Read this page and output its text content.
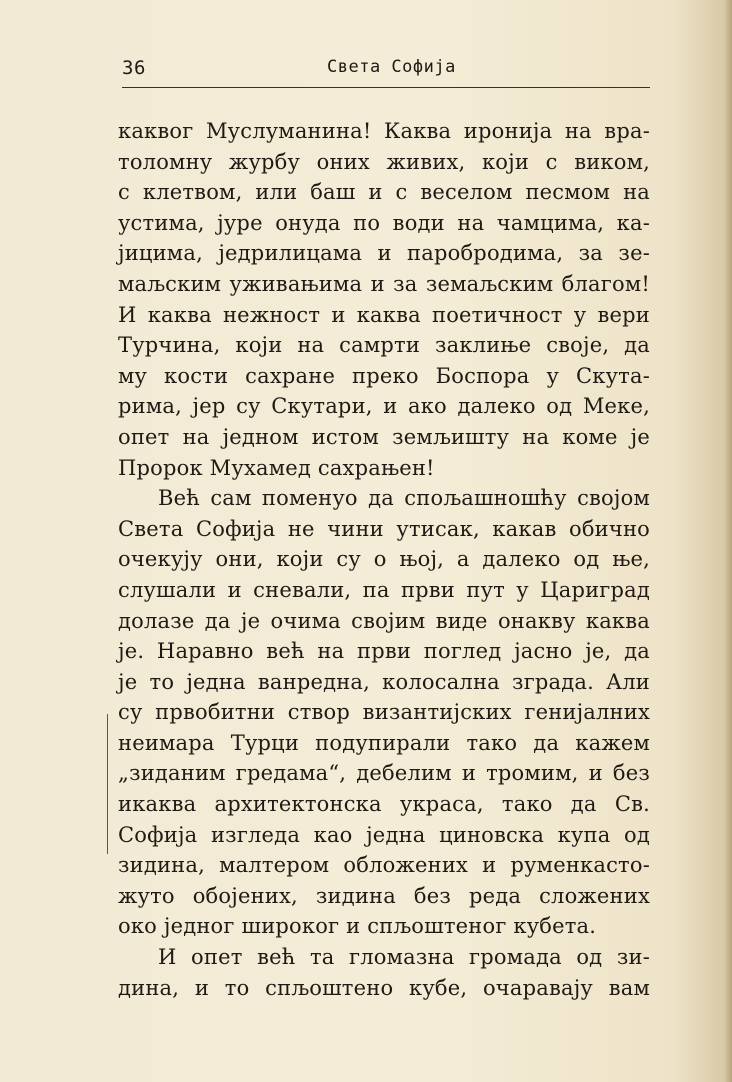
36	Света Софија
каквог Муслуманина! Каква иронија на вра-
толомну журбу оних живих, који с виком,
с клетвом, или баш и с веселом песмом на
устима, јуре онуда по води на чамцима, ка-
јицима, једрилицама и паробродима, за зе-
маљским уживањима и за земаљским благом!
И каква нежност и каква поетичност у вери
Турчина, који на самрти заклиње своје, да
му кости сахране преко Боспора у Скута-
рима, јер су Скутари, и ако далеко од Меке,
опет на једном истом земљишту на коме је
Пророк Мухамед сахрањен!
Већ сам поменуо да спољашношћу својом
Света Софија не чини утисак, какав обично
очекују они, који су о њој, а далеко од ње,
слушали и сневали, па први пут у Цариград
долазе да је очима својим виде онакву каква
је. Наравно већ на први поглед јасно је, да
је то једна ванредна, колосална зграда. Али
су првобитни створ византијских генијалних
неимара Турци подупирали тако да кажем
„зиданим гредама“, дебелим и тромим, и без
икаква архитектонска украса, тако да Св.
Софија изгледа као једна циновска купа од
зидина, малтером обложених и руменкасто-
жуто обојених, зидина без реда сложених
око једног широког и спљоштеног кубета.
И опет већ та гломазна громада од зи-
дина, и то спљоштено кубе, очаравају вам
